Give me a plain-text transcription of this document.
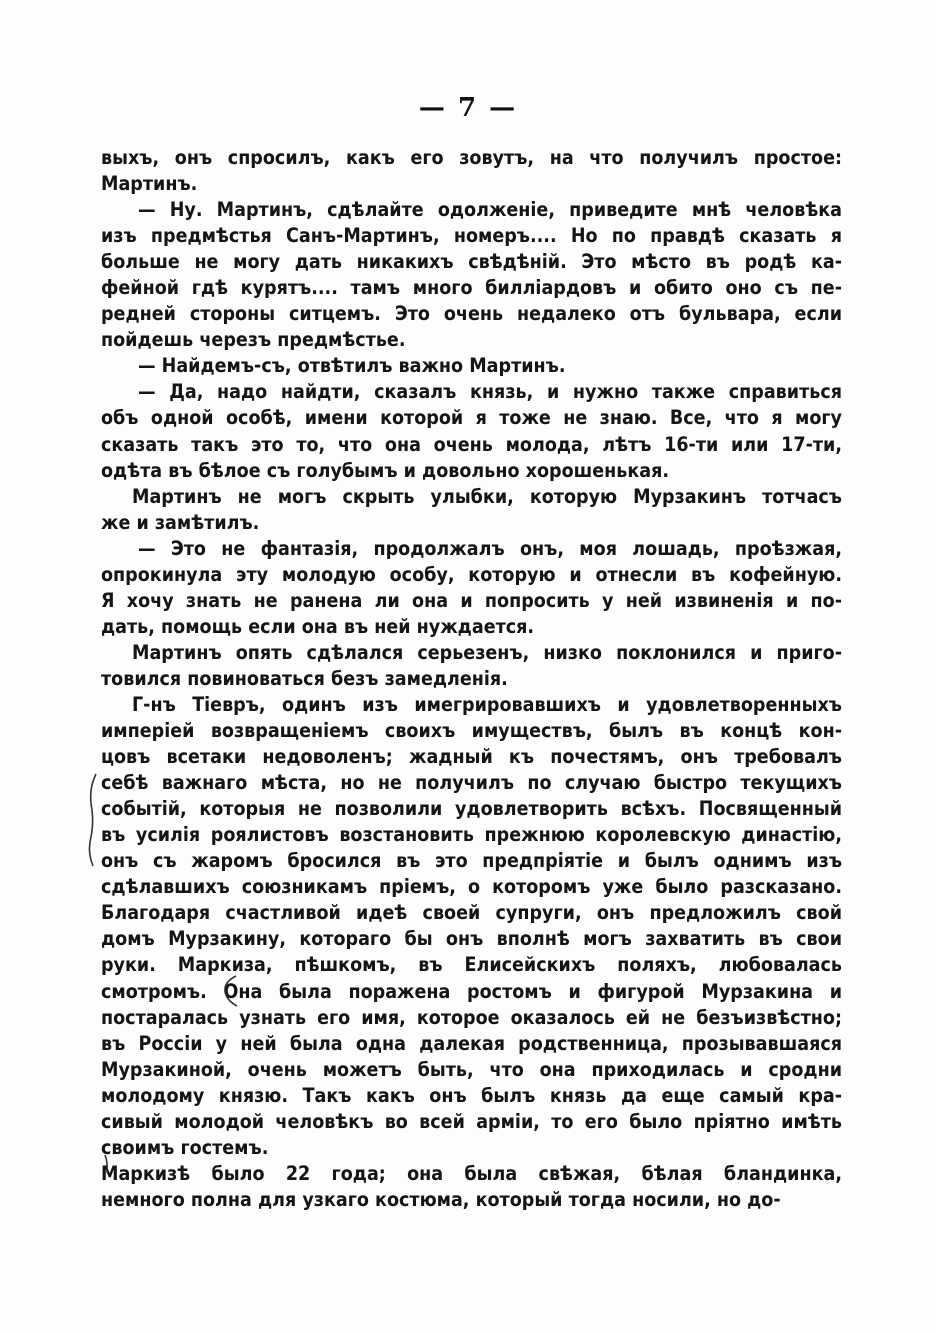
— 7 —
выхъ, онъ спросилъ, какъ его зовутъ, на что получилъ простое:
Мартинъ.
— Ну. Мартинъ, сдѣлайте одолженіе, приведите мнѣ человѣка
изъ предмѣстья Санъ-Мартинъ, номеръ.... Но по правдѣ сказать я
больше не могу дать никакихъ свѣдѣній. Это мѣсто въ родѣ ка-
фейной гдѣ курятъ.... тамъ много билліардовъ и обито оно съ пе-
редней стороны ситцемъ. Это очень недалеко отъ бульвара, если
пойдешь черезъ предмѣстье.
— Найдемъ-съ, отвѣтилъ важно Мартинъ.
— Да, надо найдти, сказалъ князь, и нужно также справиться
объ одной особѣ, имени которой я тоже не знаю. Все, что я могу
сказать такъ это то, что она очень молода, лѣтъ 16-ти или 17-ти,
одѣта въ бѣлое съ голубымъ и довольно хорошенькая.
Мартинъ не могъ скрыть улыбки, которую Мурзакинъ тотчасъ
же и замѣтилъ.
— Это не фантазія, продолжалъ онъ, моя лошадь, проѣзжая,
опрокинула эту молодую особу, которую и отнесли въ кофейную.
Я хочу знать не ранена ли она и попросить у ней извиненія и по-
дать, помощь если она въ ней нуждается.
Мартинъ опять сдѣлался серьезенъ, низко поклонился и приго-
товился повиноваться безъ замедленія.
Г-нъ Тіевръ, одинъ изъ имегрировавшихъ и удовлетворенныхъ
имперіей возвращеніемъ своихъ имуществъ, былъ въ концѣ кон-
цовъ всетаки недоволенъ; жадный къ почестямъ, онъ требовалъ
себѣ важнаго мѣста, но не получилъ по случаю быстро текущихъ
событій, которыя не позволили удовлетворить всѣхъ. Посвященный
въ усилія роялистовъ возстановить прежнюю королевскую династію,
онъ съ жаромъ бросился въ это предпріятіе и былъ однимъ изъ
сдѣлавшихъ союзникамъ пріемъ, о которомъ уже было разсказано.
Благодаря счастливой идеѣ своей супруги, онъ предложилъ свой
домъ Мурзакину, котораго бы онъ вполнѣ могъ захватить въ свои
руки. Маркиза, пѣшкомъ, въ Елисейскихъ поляхъ, любовалась
смотромъ. Она была поражена ростомъ и фигурой Мурзакина и
постаралась узнать его имя, которое оказалось ей не безъизвѣстно;
въ Россіи у ней была одна далекая родственница, прозывавшаяся
Мурзакиной, очень можетъ быть, что она приходилась и сродни
молодому князю. Такъ какъ онъ былъ князь да еще самый кра-
сивый молодой человѣкъ во всей арміи, то его было пріятно имѣть
своимъ гостемъ.
Маркизѣ было 22 года; она была свѣжая, бѣлая бландинка,
немного полна для узкаго костюма, который тогда носили, но до-
